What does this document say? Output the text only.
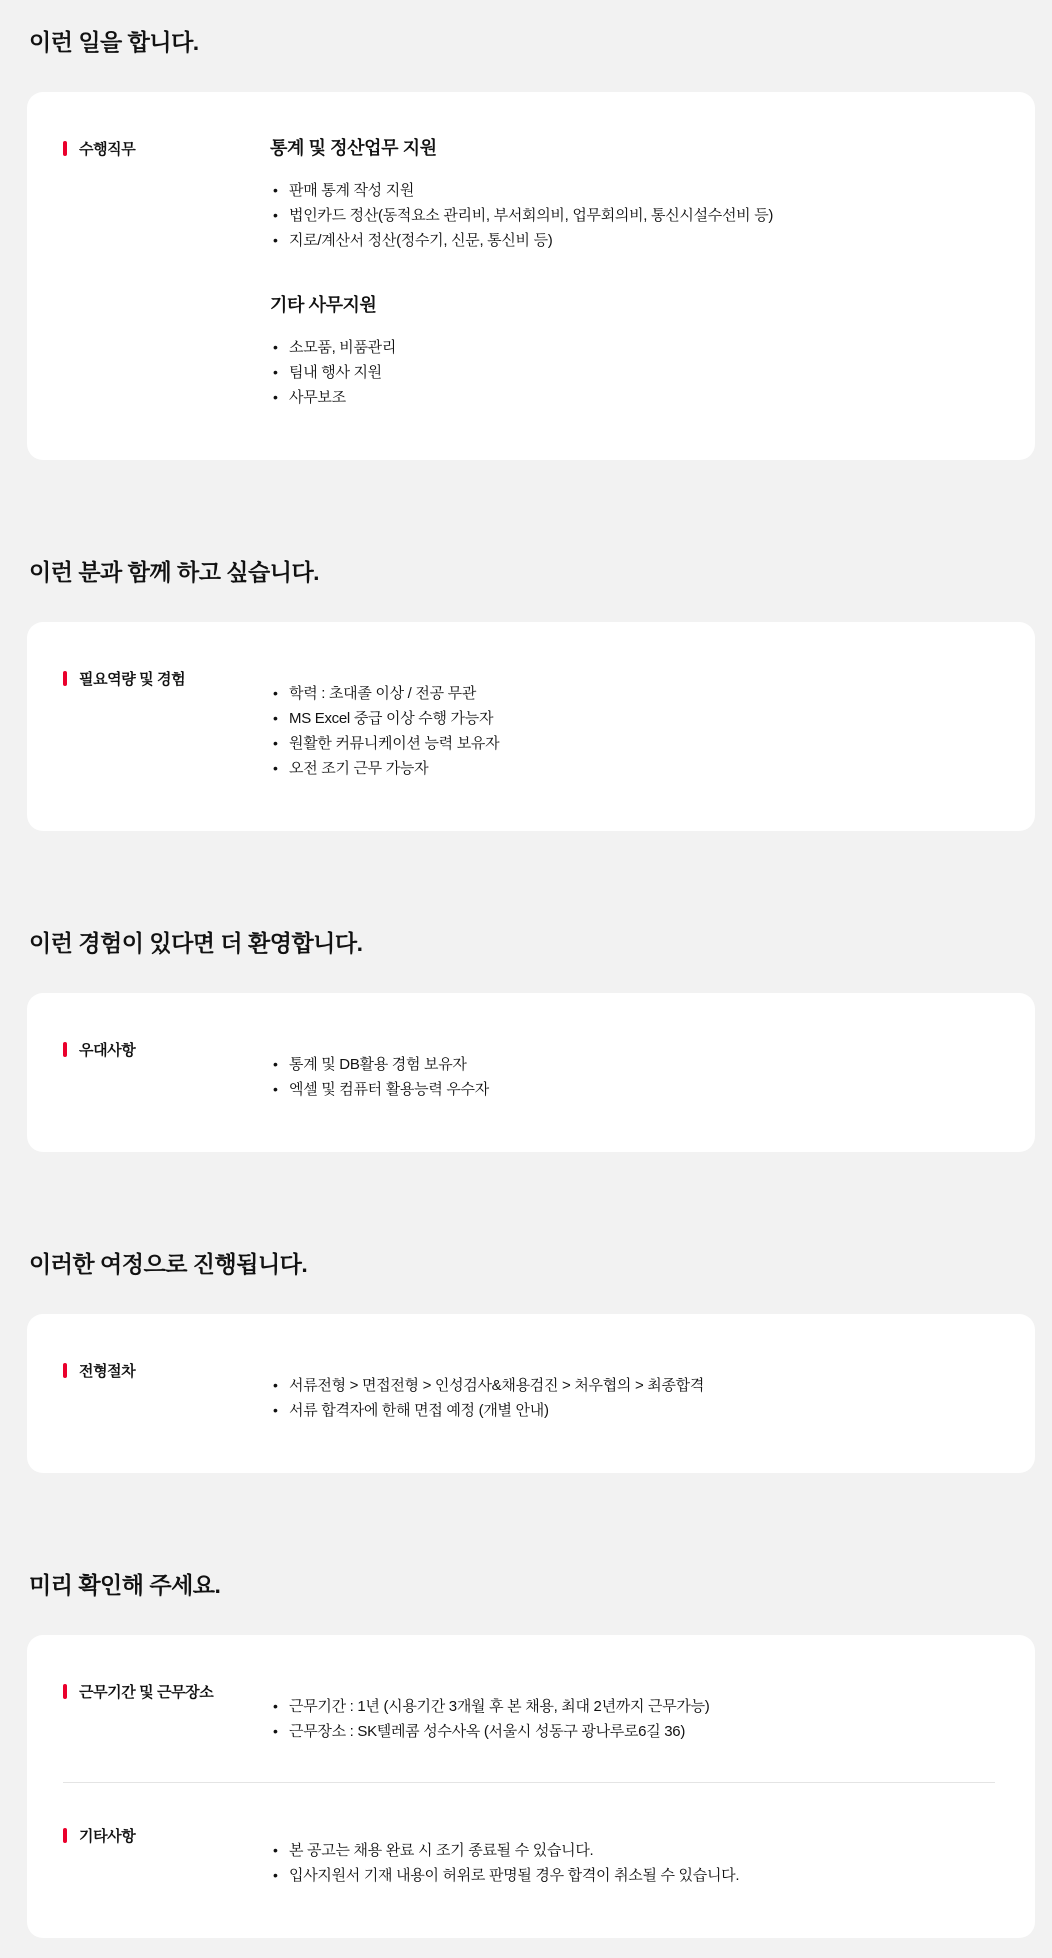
이런 일을 합니다.
수행직무	통계 및 정산업무 지원
• 판매 통계 작성 지원
• 법인카드 정산(동적요소 관리비, 부서회의비, 업무회의비, 통신시설수선비 등)
• 지로/계산서 정산(정수기, 신문, 통신비 등)
기타 사무지원
• 소모품, 비품관리
• 팀내 행사 지원
• 사무보조
이런 분과 함께 하고 싶습니다.
필요역량 및 경험
• 학력 : 초대졸 이상 / 전공 무관
• MS Excel 중급 이상 수행 가능자
• 원활한 커뮤니케이션 능력 보유자
• 오전 조기 근무 가능자
이런 경험이 있다면 더 환영합니다.
우대사항
• 통계 및 DB활용 경험 보유자
• 엑셀 및 컴퓨터 활용능력 우수자
이러한 여정으로 진행됩니다.
전형절차
• 서류전형 > 면접전형 > 인성검사&채용검진 > 처우협의 > 최종합격
• 서류 합격자에 한해 면접 예정 (개별 안내)
미리 확인해 주세요.
근무기간 및 근무장소
• 근무기간 : 1년 (시용기간 3개월 후 본 채용, 최대 2년까지 근무가능)
• 근무장소 : SK텔레콤 성수사옥 (서울시 성동구 광나루로6길 36)
기타사항
• 본 공고는 채용 완료 시 조기 종료될 수 있습니다.
• 입사지원서 기재 내용이 허위로 판명될 경우 합격이 취소될 수 있습니다.
